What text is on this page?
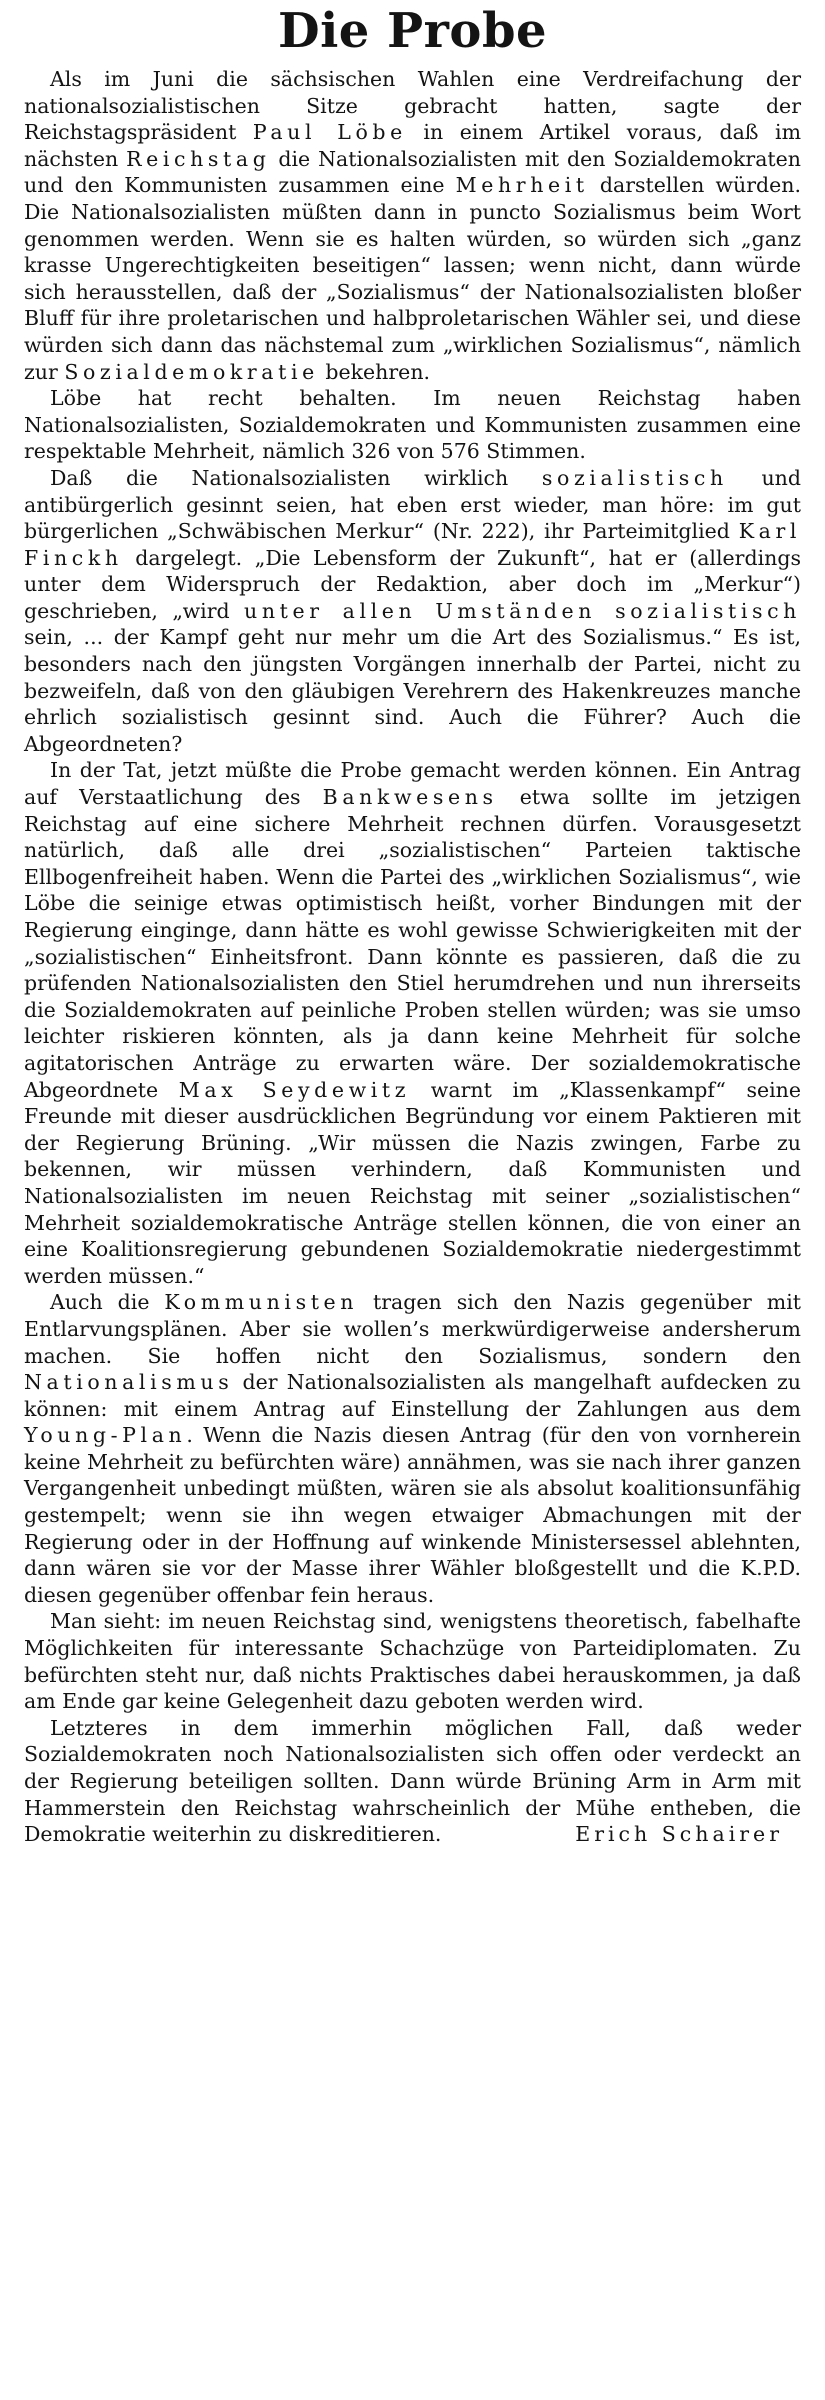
Die Probe

Als im Juni die sächsischen Wahlen eine Verdreifachung der nationalsozialistischen Sitze gebracht hatten, sagte der Reichstagspräsident Paul Löbe in einem Artikel voraus, daß im nächsten Reichstag die Nationalsozialisten mit den Sozialdemokraten und den Kommunisten zusammen eine Mehrheit darstellen würden. Die Nationalsozialisten müßten dann in puncto Sozialismus beim Wort genommen werden. Wenn sie es halten würden, so würden sich „ganz krasse Ungerechtigkeiten beseitigen“ lassen; wenn nicht, dann würde sich herausstellen, daß der „Sozialismus“ der Nationalsozialisten bloßer Bluff für ihre proletarischen und halbproletarischen Wähler sei, und diese würden sich dann das nächstemal zum „wirklichen Sozialismus“, nämlich zur Sozialdemokratie bekehren.

Löbe hat recht behalten. Im neuen Reichstag haben Nationalsozialisten, Sozialdemokraten und Kommunisten zusammen eine respektable Mehrheit, nämlich 326 von 576 Stimmen.

Daß die Nationalsozialisten wirklich sozialistisch und antibürgerlich gesinnt seien, hat eben erst wieder, man höre: im gut bürgerlichen „Schwäbischen Merkur“ (Nr. 222), ihr Parteimitglied Karl Finckh dargelegt. „Die Lebensform der Zukunft“, hat er (allerdings unter dem Widerspruch der Redaktion, aber doch im „Merkur“) geschrieben, „wird unter allen Umständen sozialistisch sein, ... der Kampf geht nur mehr um die Art des Sozialismus.“ Es ist, besonders nach den jüngsten Vorgängen innerhalb der Partei, nicht zu bezweifeln, daß von den gläubigen Verehrern des Hakenkreuzes manche ehrlich sozialistisch gesinnt sind. Auch die Führer? Auch die Abgeordneten?

In der Tat, jetzt müßte die Probe gemacht werden können. Ein Antrag auf Verstaatlichung des Bankwesens etwa sollte im jetzigen Reichstag auf eine sichere Mehrheit rechnen dürfen. Vorausgesetzt natürlich, daß alle drei „sozialistischen“ Parteien taktische Ellbogenfreiheit haben. Wenn die Partei des „wirklichen Sozialismus“, wie Löbe die seinige etwas optimistisch heißt, vorher Bindungen mit der Regierung einginge, dann hätte es wohl gewisse Schwierigkeiten mit der „sozialistischen“ Einheitsfront. Dann könnte es passieren, daß die zu prüfenden Nationalsozialisten den Stiel herumdrehen und nun ihrerseits die Sozialdemokraten auf peinliche Proben stellen würden; was sie umso leichter riskieren könnten, als ja dann keine Mehrheit für solche agitatorischen Anträge zu erwarten wäre. Der sozialdemokratische Abgeordnete Max Seydewitz warnt im „Klassenkampf“ seine Freunde mit dieser ausdrücklichen Begründung vor einem Paktieren mit der Regierung Brüning. „Wir müssen die Nazis zwingen, Farbe zu bekennen, wir müssen verhindern, daß Kommunisten und Nationalsozialisten im neuen Reichstag mit seiner „sozialistischen“ Mehrheit sozialdemokratische Anträge stellen können, die von einer an eine Koalitionsregierung gebundenen Sozialdemokratie niedergestimmt werden müssen.“

Auch die Kommunisten tragen sich den Nazis gegenüber mit Entlarvungsplänen. Aber sie wollen’s merkwürdigerweise andersherum machen. Sie hoffen nicht den Sozialismus, sondern den Nationalismus der Nationalsozialisten als mangelhaft aufdecken zu können: mit einem Antrag auf Einstellung der Zahlungen aus dem Young-Plan. Wenn die Nazis diesen Antrag (für den von vornherein keine Mehrheit zu befürchten wäre) annähmen, was sie nach ihrer ganzen Vergangenheit unbedingt müßten, wären sie als absolut koalitionsunfähig gestempelt; wenn sie ihn wegen etwaiger Abmachungen mit der Regierung oder in der Hoffnung auf winkende Ministersessel ablehnten, dann wären sie vor der Masse ihrer Wähler bloßgestellt und die K.P.D. diesen gegenüber offenbar fein heraus.

Man sieht: im neuen Reichstag sind, wenigstens theoretisch, fabelhafte Möglichkeiten für interessante Schachzüge von Parteidiplomaten. Zu befürchten steht nur, daß nichts Praktisches dabei herauskommen, ja daß am Ende gar keine Gelegenheit dazu geboten werden wird.

Letzteres in dem immerhin möglichen Fall, daß weder Sozialdemokraten noch Nationalsozialisten sich offen oder verdeckt an der Regierung beteiligen sollten. Dann würde Brüning Arm in Arm mit Hammerstein den Reichstag wahrscheinlich der Mühe entheben, die Demokratie weiterhin zu diskreditieren.	Erich Schairer
